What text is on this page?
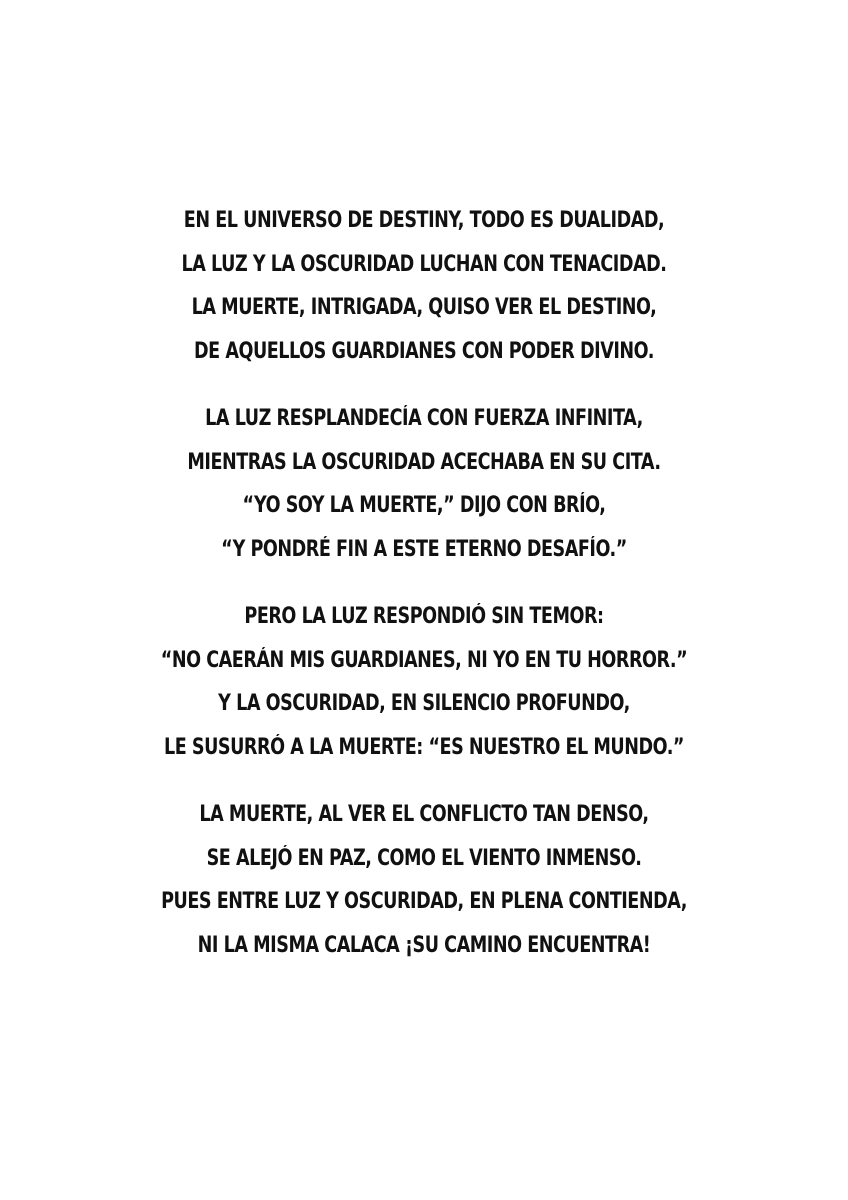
EN EL UNIVERSO DE DESTINY, TODO ES DUALIDAD,
LA LUZ Y LA OSCURIDAD LUCHAN CON TENACIDAD.
LA MUERTE, INTRIGADA, QUISO VER EL DESTINO,
DE AQUELLOS GUARDIANES CON PODER DIVINO.
LA LUZ RESPLANDECÍA CON FUERZA INFINITA,
MIENTRAS LA OSCURIDAD ACECHABA EN SU CITA.
“YO SOY LA MUERTE,” DIJO CON BRÍO,
“Y PONDRÉ FIN A ESTE ETERNO DESAFÍO.”
PERO LA LUZ RESPONDIÓ SIN TEMOR:
“NO CAERÁN MIS GUARDIANES, NI YO EN TU HORROR.”
Y LA OSCURIDAD, EN SILENCIO PROFUNDO,
LE SUSURRÓ A LA MUERTE: “ES NUESTRO EL MUNDO.”
LA MUERTE, AL VER EL CONFLICTO TAN DENSO,
SE ALEJÓ EN PAZ, COMO EL VIENTO INMENSO.
PUES ENTRE LUZ Y OSCURIDAD, EN PLENA CONTIENDA,
NI LA MISMA CALACA ¡SU CAMINO ENCUENTRA!
